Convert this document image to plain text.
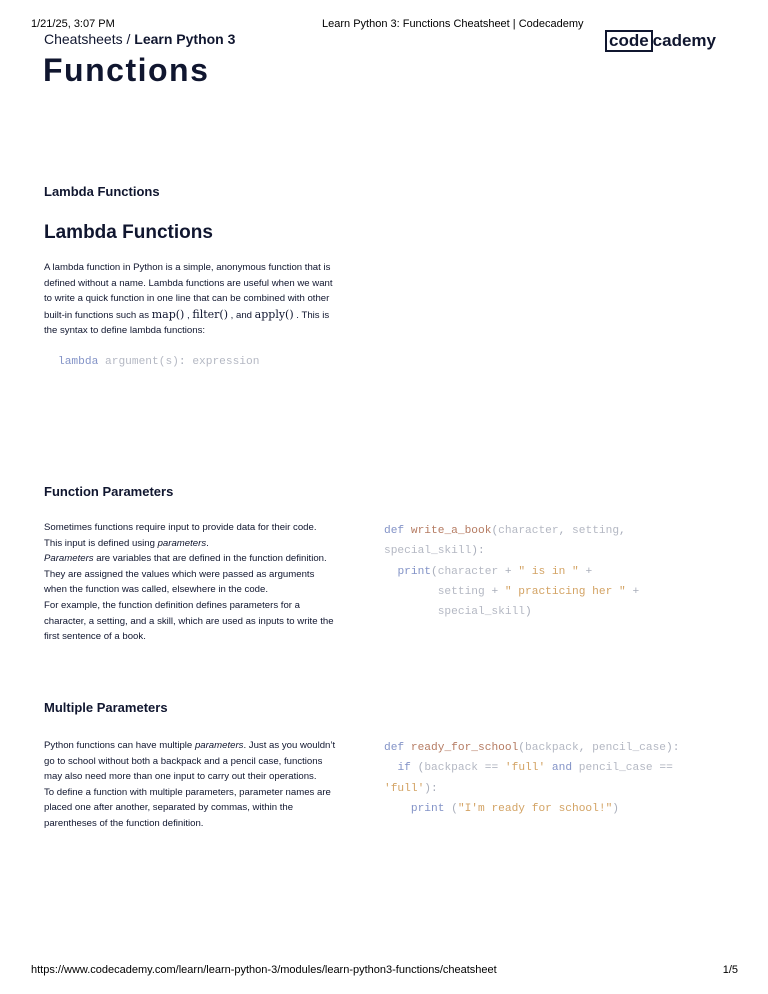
1/21/25, 3:07 PM	Learn Python 3: Functions Cheatsheet | Codecademy
Cheatsheets / Learn Python 3	code cademy
Functions
Lambda Functions
Lambda Functions

A lambda function in Python is a simple, anonymous function that is defined without a name. Lambda functions are useful when we want to write a quick function in one line that can be combined with other built-in functions such as map() , filter() , and apply() . This is the syntax to define lambda functions:

lambda argument(s): expression
Function Parameters

Sometimes functions require input to provide data for their code. This input is defined using parameters.

Parameters are variables that are defined in the function definition. They are assigned the values which were passed as arguments when the function was called, elsewhere in the code.

For example, the function definition defines parameters for a character, a setting, and a skill, which are used as inputs to write the first sentence of a book.

def write_a_book(character, setting,
special_skill):
print(character + " is in " +
setting + " practicing her " +
special_skill)
Multiple Parameters

Python functions can have multiple parameters. Just as you wouldn’t go to school without both a backpack and a pencil case, functions may also need more than one input to carry out their operations.

To define a function with multiple parameters, parameter names are placed one after another, separated by commas, within the parentheses of the function definition.

def ready_for_school(backpack, pencil_case):
if (backpack == 'full' and pencil_case ==
'full'):
print ("I'm ready for school!")
https://www.codecademy.com/learn/learn-python-3/modules/learn-python3-functions/cheatsheet	1/5
